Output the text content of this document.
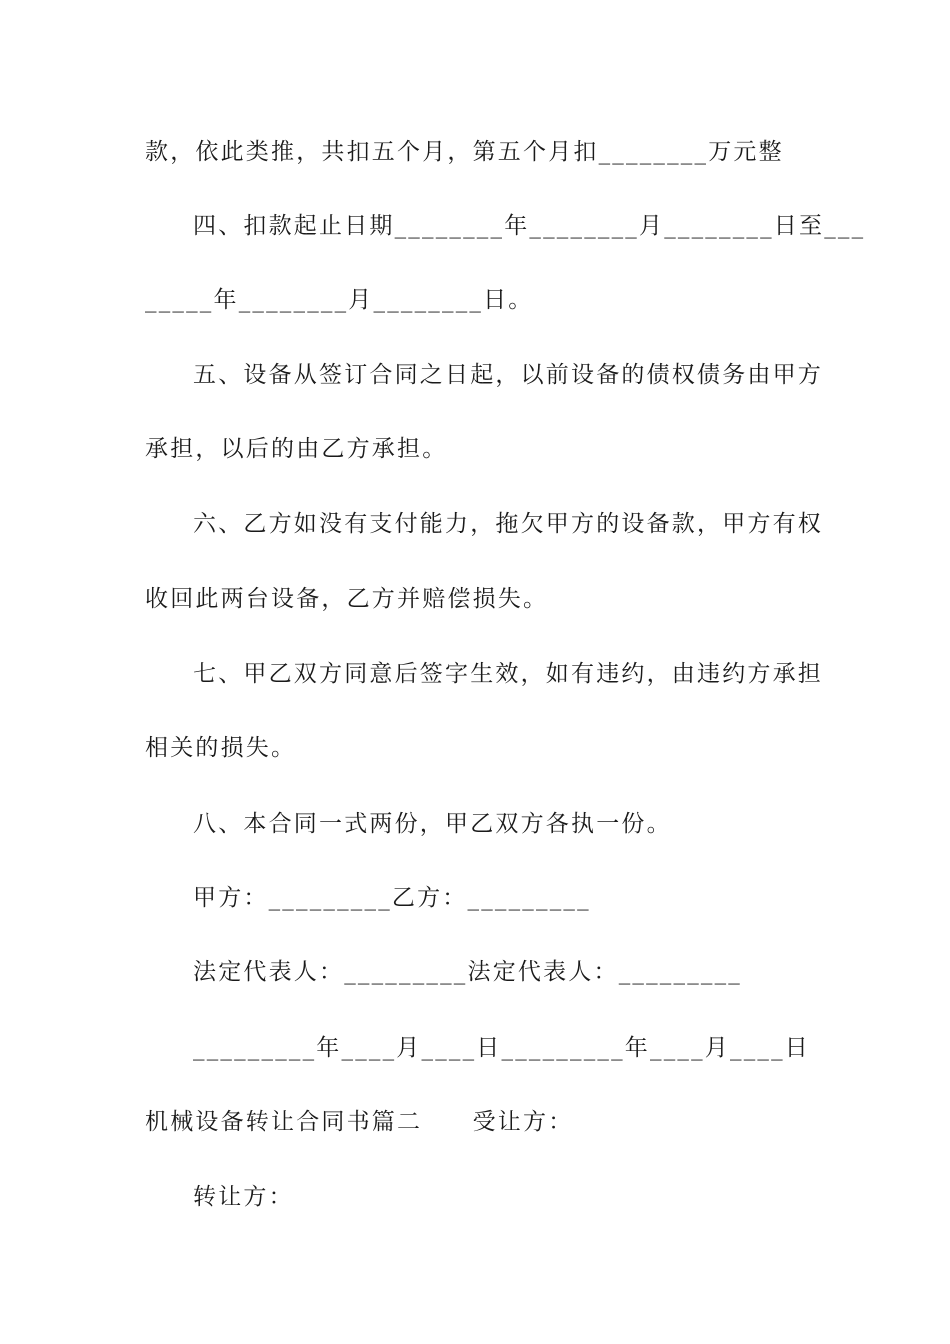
款，依此类推，共扣五个月，第五个月扣________万元整
四、扣款起止日期________年________月________日至___
_____年________月________日。
五、设备从签订合同之日起，以前设备的债权债务由甲方
承担，以后的由乙方承担。
六、乙方如没有支付能力，拖欠甲方的设备款，甲方有权
收回此两台设备，乙方并赔偿损失。
七、甲乙双方同意后签字生效，如有违约，由违约方承担
相关的损失。
八、本合同一式两份，甲乙双方各执一份。
甲方：_________乙方：_________
法定代表人：_________法定代表人：_________
_________年____月____日_________年____月____日
机械设备转让合同书篇二　　受让方：
转让方：
